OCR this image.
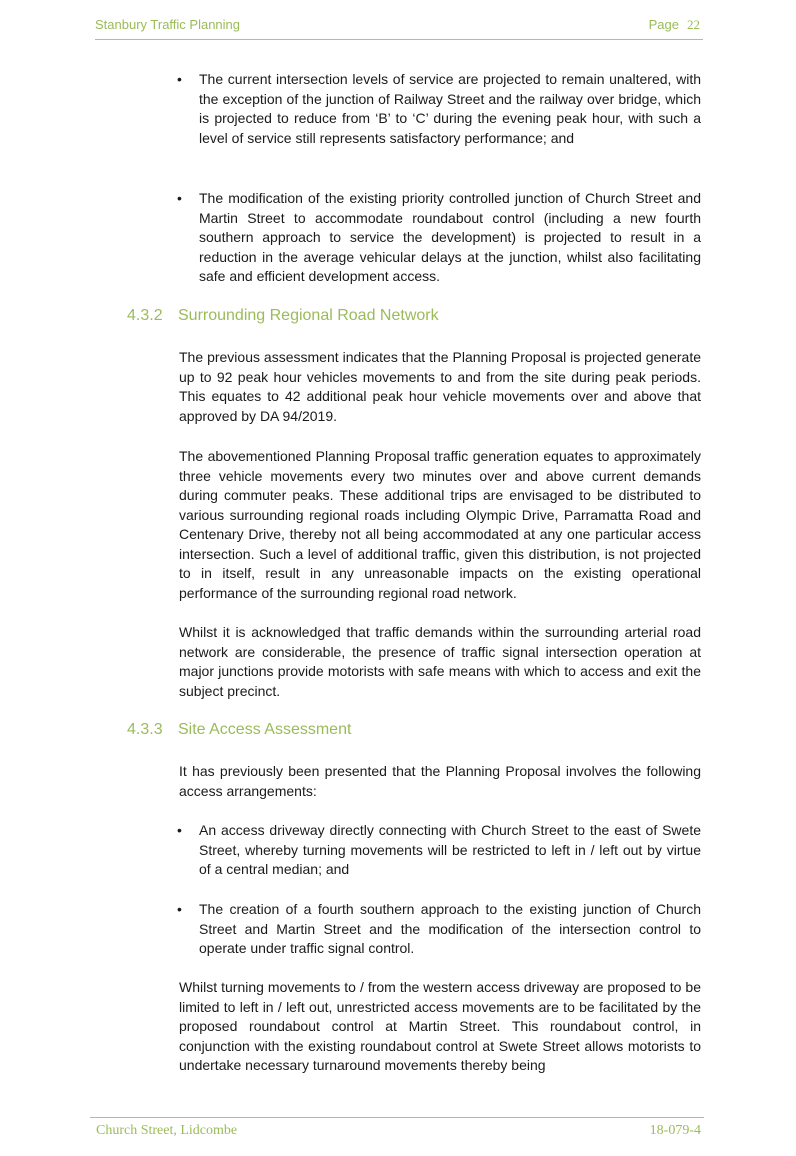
Stanbury Traffic Planning	Page 22
• The current intersection levels of service are projected to remain unaltered, with the exception of the junction of Railway Street and the railway over bridge, which is projected to reduce from ‘B’ to ‘C’ during the evening peak hour, with such a level of service still represents satisfactory performance; and
• The modification of the existing priority controlled junction of Church Street and Martin Street to accommodate roundabout control (including a new fourth southern approach to service the development) is projected to result in a reduction in the average vehicular delays at the junction, whilst also facilitating safe and efficient development access.
4.3.2 Surrounding Regional Road Network
The previous assessment indicates that the Planning Proposal is projected generate up to 92 peak hour vehicles movements to and from the site during peak periods. This equates to 42 additional peak hour vehicle movements over and above that approved by DA 94/2019.
The abovementioned Planning Proposal traffic generation equates to approximately three vehicle movements every two minutes over and above current demands during commuter peaks. These additional trips are envisaged to be distributed to various surrounding regional roads including Olympic Drive, Parramatta Road and Centenary Drive, thereby not all being accommodated at any one particular access intersection. Such a level of additional traffic, given this distribution, is not projected to in itself, result in any unreasonable impacts on the existing operational performance of the surrounding regional road network.
Whilst it is acknowledged that traffic demands within the surrounding arterial road network are considerable, the presence of traffic signal intersection operation at major junctions provide motorists with safe means with which to access and exit the subject precinct.
4.3.3 Site Access Assessment
It has previously been presented that the Planning Proposal involves the following access arrangements:
• An access driveway directly connecting with Church Street to the east of Swete Street, whereby turning movements will be restricted to left in / left out by virtue of a central median; and
• The creation of a fourth southern approach to the existing junction of Church Street and Martin Street and the modification of the intersection control to operate under traffic signal control.
Whilst turning movements to / from the western access driveway are proposed to be limited to left in / left out, unrestricted access movements are to be facilitated by the proposed roundabout control at Martin Street. This roundabout control, in conjunction with the existing roundabout control at Swete Street allows motorists to undertake necessary turnaround movements thereby being
Church Street, Lidcombe	18-079-4
